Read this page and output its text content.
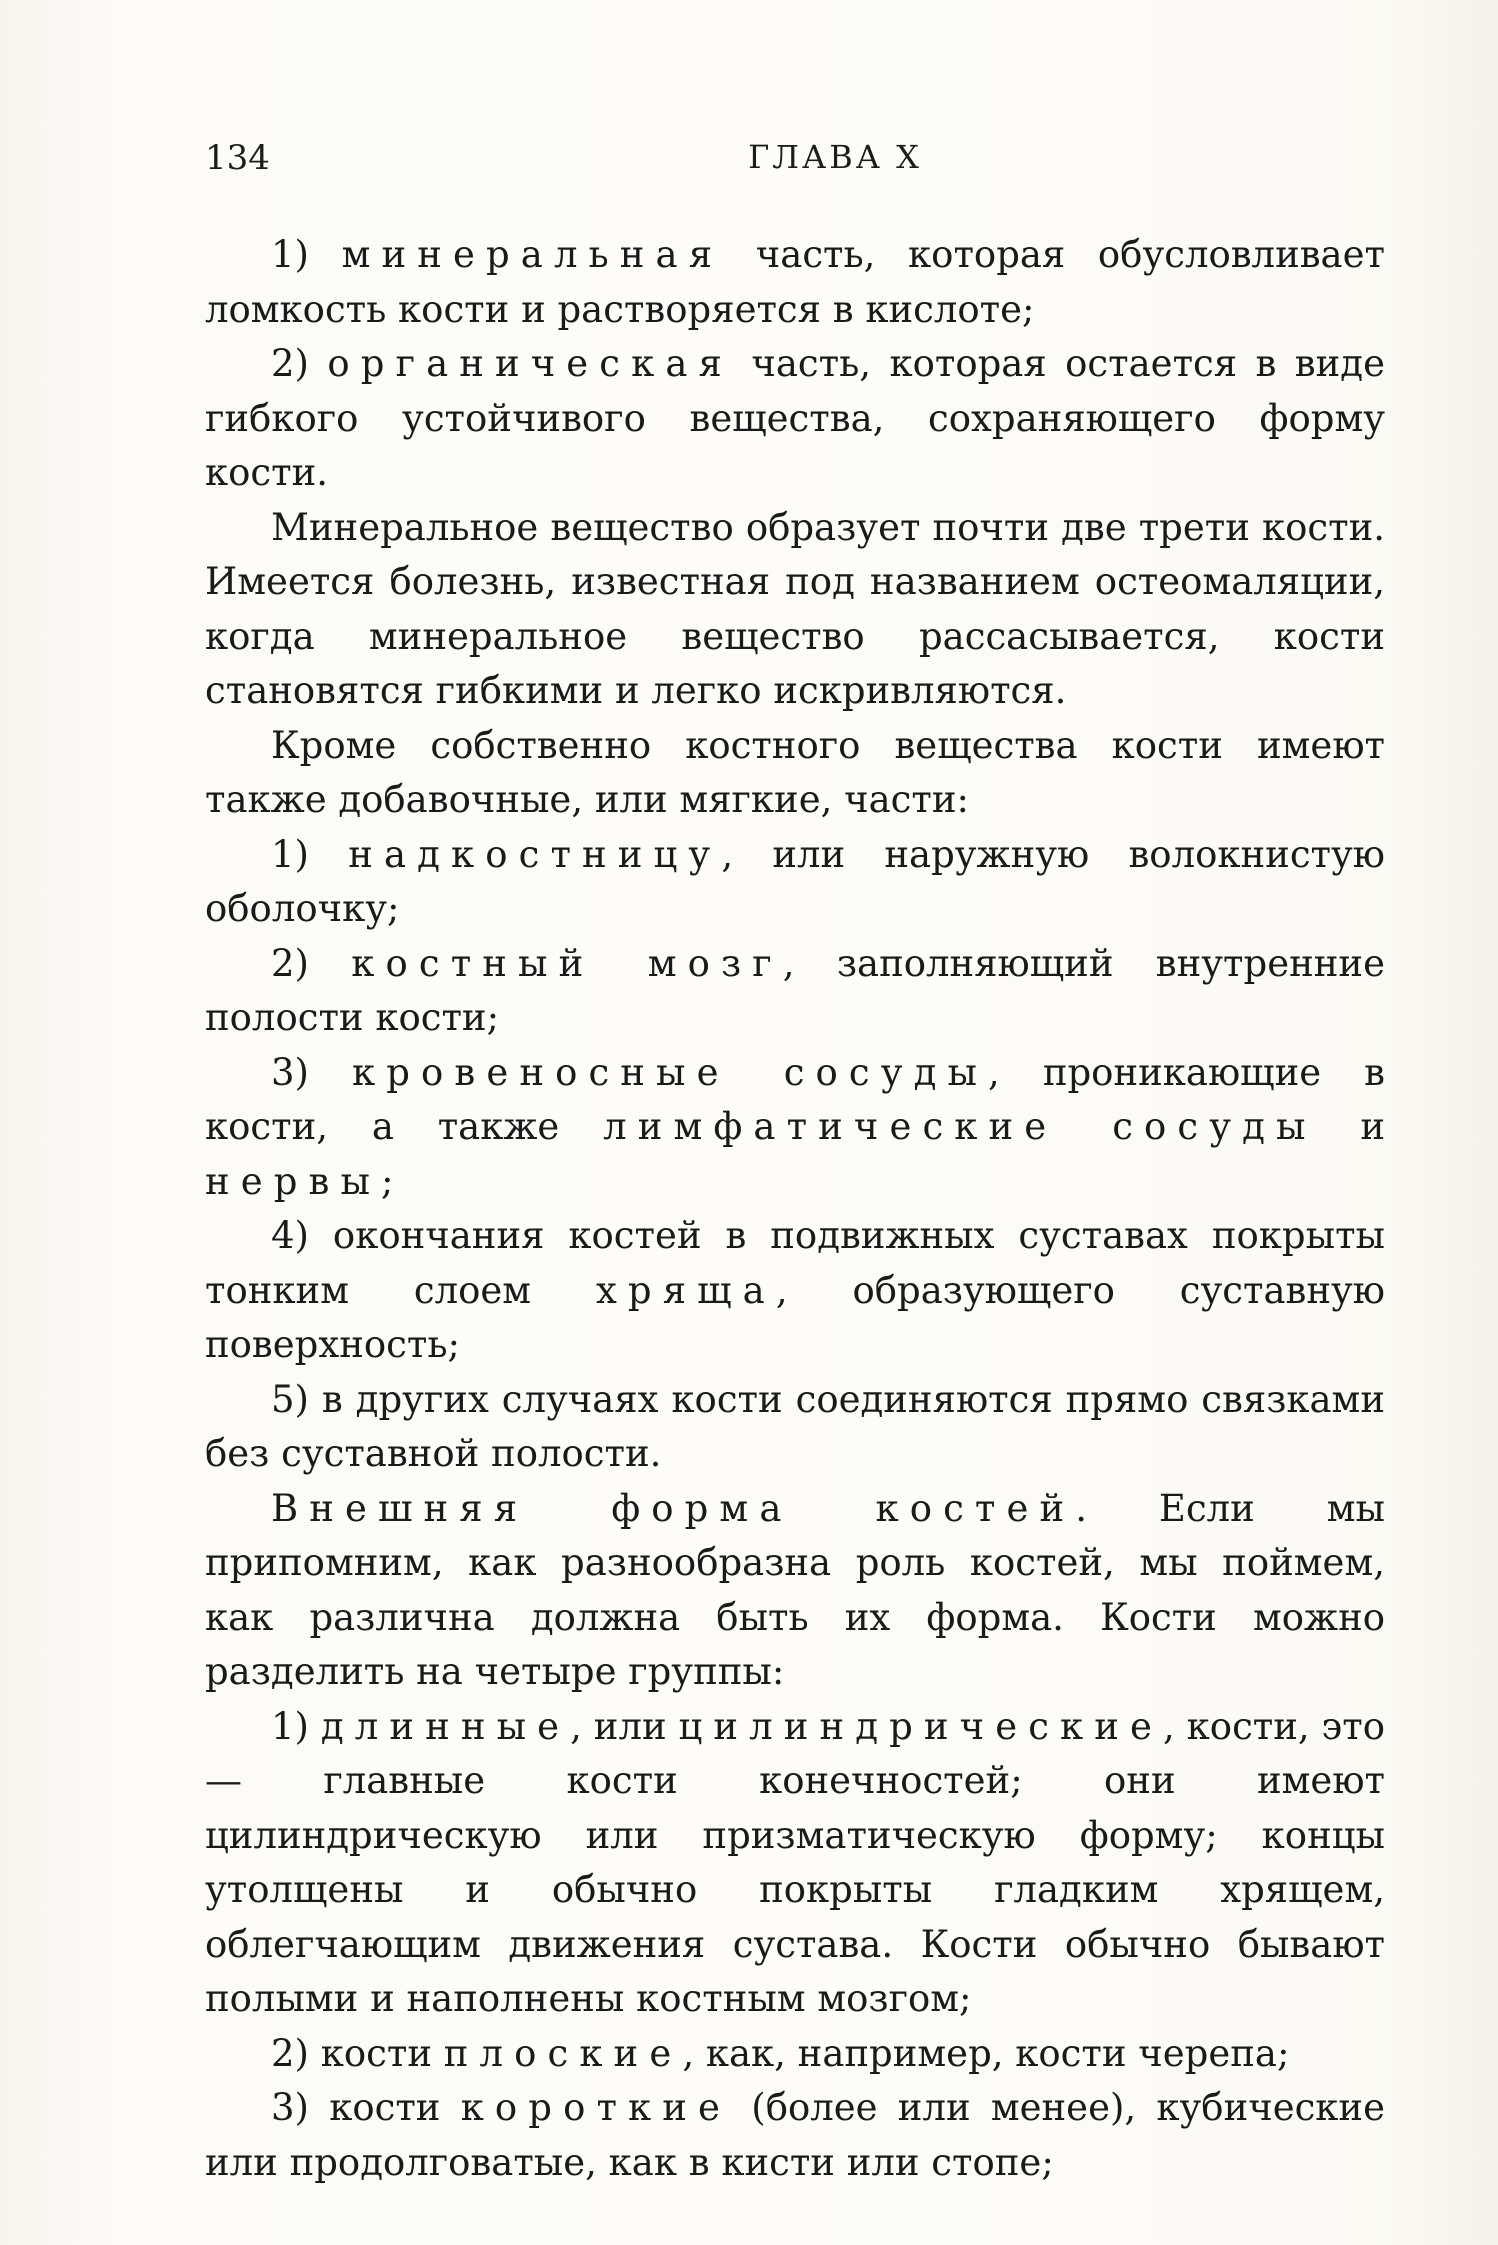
134	ГЛАВА X

1) минеральная часть, которая обусловливает ломкость кости и растворяется в кислоте;

2) органическая часть, которая остается в виде гибкого устойчивого вещества, сохраняющего форму кости.

Минеральное вещество образует почти две трети кости. Имеется болезнь, известная под названием остеомаляции, когда минеральное вещество рассасывается, кости становятся гибкими и легко искривляются.

Кроме собственно костного вещества кости имеют также добавочные, или мягкие, части:

1) надкостницу, или наружную волокнистую оболочку;

2) костный мозг, заполняющий внутренние полости кости;

3) кровеносные сосуды, проникающие в кости, а также лимфатические сосуды и нервы;

4) окончания костей в подвижных суставах покрыты тонким слоем хряща, образующего суставную поверхность;

5) в других случаях кости соединяются прямо связками без суставной полости.

Внешняя форма костей. Если мы припомним, как разнообразна роль костей, мы поймем, как различна должна быть их форма. Кости можно разделить на четыре группы:

1) длинные, или цилиндрические, кости, это — главные кости конечностей; они имеют цилиндрическую или призматическую форму; концы утолщены и обычно покрыты гладким хрящем, облегчающим движения сустава. Кости обычно бывают полыми и наполнены костным мозгом;

2) кости плоские, как, например, кости черепа;

3) кости короткие (более или менее), кубические или продолговатые, как в кисти или стопе;
